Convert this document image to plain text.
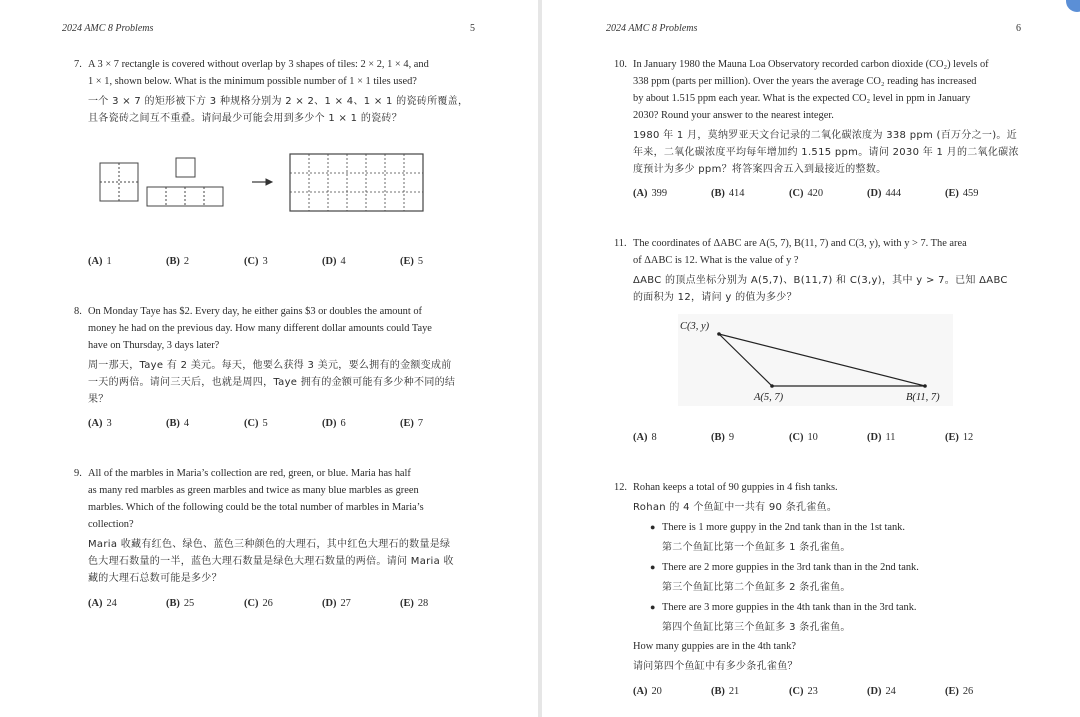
2024 AMC 8 Problems	5
7. A 3 × 7 rectangle is covered without overlap by 3 shapes of tiles: 2 × 2, 1 × 4, and
1 × 1, shown below. What is the minimum possible number of 1 × 1 tiles used?
一个 3 × 7 的矩形被下方 3 种规格分别为 2 × 2、1 × 4、1 × 1 的瓷砖所覆盖，
且各瓷砖之间互不重叠。请问最少可能会用到多少个 1 × 1 的瓷砖？
(A) 1	(B) 2	(C) 3	(D) 4	(E) 5
8. On Monday Taye has $2. Every day, he either gains $3 or doubles the amount of
money he had on the previous day. How many different dollar amounts could Taye
have on Thursday, 3 days later?
周一那天，Taye 有 2 美元。每天，他要么获得 3 美元，要么拥有的金额变成前
一天的两倍。请问三天后，也就是周四，Taye 拥有的金额可能有多少种不同的结
果？
(A) 3	(B) 4	(C) 5	(D) 6	(E) 7
9. All of the marbles in Maria’s collection are red, green, or blue. Maria has half
as many red marbles as green marbles and twice as many blue marbles as green
marbles. Which of the following could be the total number of marbles in Maria’s
collection?
Maria 收藏有红色、绿色、蓝色三种颜色的大理石，其中红色大理石的数量是绿
色大理石数量的一半，蓝色大理石数量是绿色大理石数量的两倍。请问 Maria 收
藏的大理石总数可能是多少？
(A) 24	(B) 25	(C) 26	(D) 27	(E) 28
2024 AMC 8 Problems	6
10. In January 1980 the Mauna Loa Observatory recorded carbon dioxide (CO₂) levels of
338 ppm (parts per million). Over the years the average CO₂ reading has increased
by about 1.515 ppm each year. What is the expected CO₂ level in ppm in January
2030? Round your answer to the nearest integer.
1980 年 1 月，莫纳罗亚天文台记录的二氧化碳浓度为 338 ppm (百万分之一)。近
年来，二氧化碳浓度平均每年增加约 1.515 ppm。请问 2030 年 1 月的二氧化碳浓
度预计为多少 ppm？将答案四舍五入到最接近的整数。
(A) 399	(B) 414	(C) 420	(D) 444	(E) 459
11. The coordinates of ΔABC are A(5, 7), B(11, 7) and C(3, y), with y > 7. The area
of ΔABC is 12. What is the value of y ?
ΔABC 的顶点坐标分别为 A(5,7)、B(11,7) 和 C(3,y)，其中 y > 7。已知 ΔABC
的面积为 12，请问 y 的值为多少？
C(3, y)
A(5, 7)	B(11, 7)
(A) 8	(B) 9	(C) 10	(D) 11	(E) 12
12. Rohan keeps a total of 90 guppies in 4 fish tanks.
Rohan 的 4 个鱼缸中一共有 90 条孔雀鱼。
● There is 1 more guppy in the 2nd tank than in the 1st tank.
第二个鱼缸比第一个鱼缸多 1 条孔雀鱼。
● There are 2 more guppies in the 3rd tank than in the 2nd tank.
第三个鱼缸比第二个鱼缸多 2 条孔雀鱼。
● There are 3 more guppies in the 4th tank than in the 3rd tank.
第四个鱼缸比第三个鱼缸多 3 条孔雀鱼。
How many guppies are in the 4th tank?
请问第四个鱼缸中有多少条孔雀鱼？
(A) 20	(B) 21	(C) 23	(D) 24	(E) 26
